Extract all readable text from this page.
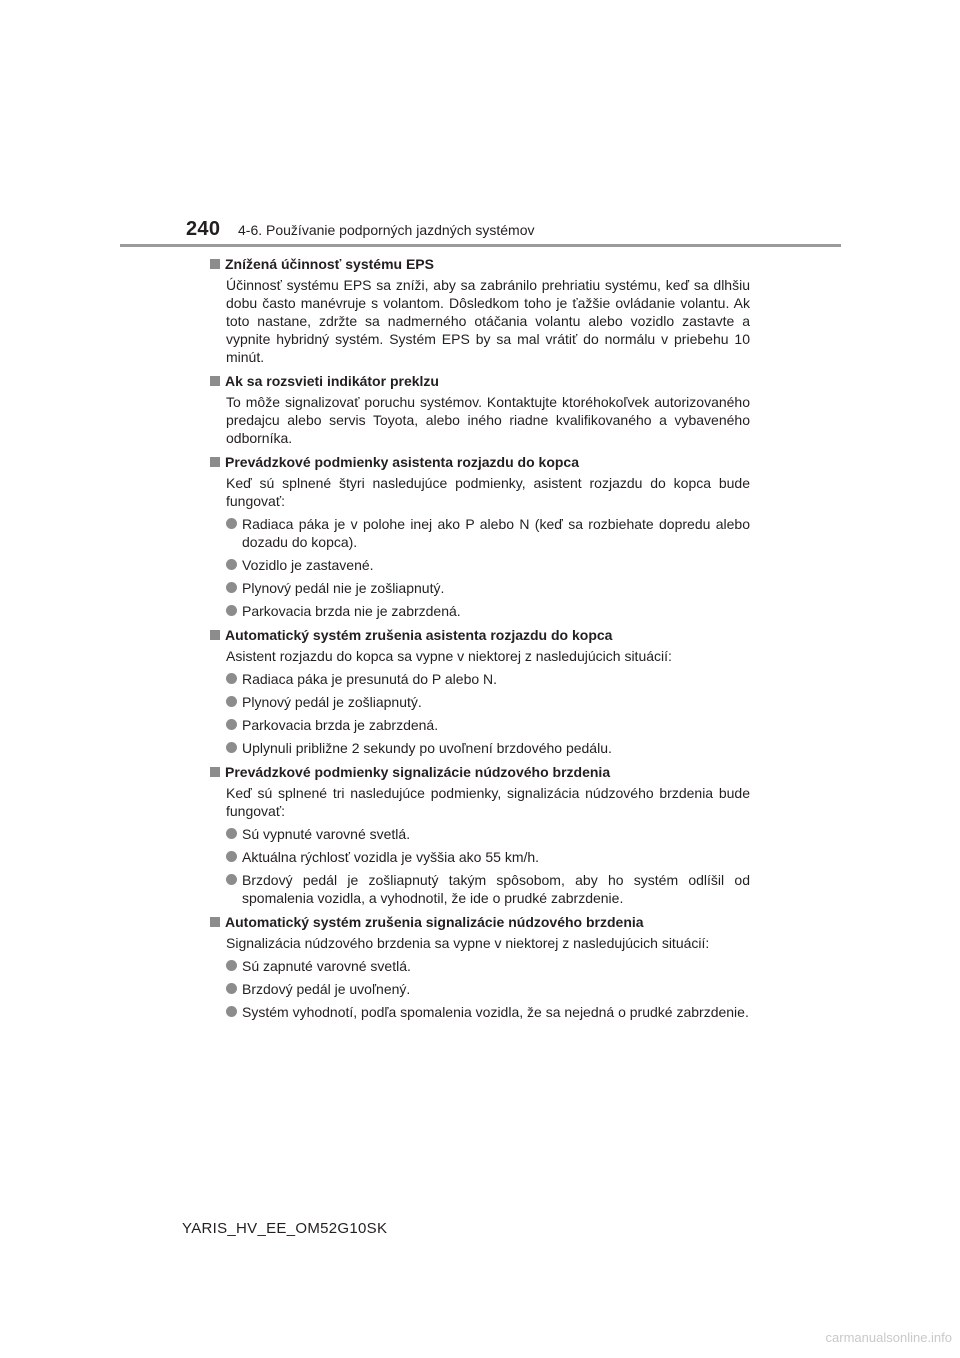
240 4-6. Používanie podporných jazdných systémov
Znížená účinnosť systému EPS
Účinnosť systému EPS sa zníži, aby sa zabránilo prehriatiu systému, keď sa dlhšiu dobu často manévruje s volantom. Dôsledkom toho je ťažšie ovládanie volantu. Ak toto nastane, zdržte sa nadmerného otáčania volantu alebo vozidlo zastavte a vypnite hybridný systém. Systém EPS by sa mal vrátiť do normálu v priebehu 10 minút.
Ak sa rozsvieti indikátor preklzu
To môže signalizovať poruchu systémov. Kontaktujte ktoréhokoľvek autorizovaného predajcu alebo servis Toyota, alebo iného riadne kvalifikovaného a vybaveného odborníka.
Prevádzkové podmienky asistenta rozjazdu do kopca
Keď sú splnené štyri nasledujúce podmienky, asistent rozjazdu do kopca bude fungovať:
Radiaca páka je v polohe inej ako P alebo N (keď sa rozbiehate dopredu alebo dozadu do kopca).
Vozidlo je zastavené.
Plynový pedál nie je zošliapnutý.
Parkovacia brzda nie je zabrzdená.
Automatický systém zrušenia asistenta rozjazdu do kopca
Asistent rozjazdu do kopca sa vypne v niektorej z nasledujúcich situácií:
Radiaca páka je presunutá do P alebo N.
Plynový pedál je zošliapnutý.
Parkovacia brzda je zabrzdená.
Uplynuli približne 2 sekundy po uvoľnení brzdového pedálu.
Prevádzkové podmienky signalizácie núdzového brzdenia
Keď sú splnené tri nasledujúce podmienky, signalizácia núdzového brzdenia bude fungovať:
Sú vypnuté varovné svetlá.
Aktuálna rýchlosť vozidla je vyššia ako 55 km/h.
Brzdový pedál je zošliapnutý takým spôsobom, aby ho systém odlíšil od spomalenia vozidla, a vyhodnotil, že ide o prudké zabrzdenie.
Automatický systém zrušenia signalizácie núdzového brzdenia
Signalizácia núdzového brzdenia sa vypne v niektorej z nasledujúcich situácií:
Sú zapnuté varovné svetlá.
Brzdový pedál je uvoľnený.
Systém vyhodnotí, podľa spomalenia vozidla, že sa nejedná o prudké zabrzdenie.
YARIS_HV_EE_OM52G10SK
carmanualsonline.info
